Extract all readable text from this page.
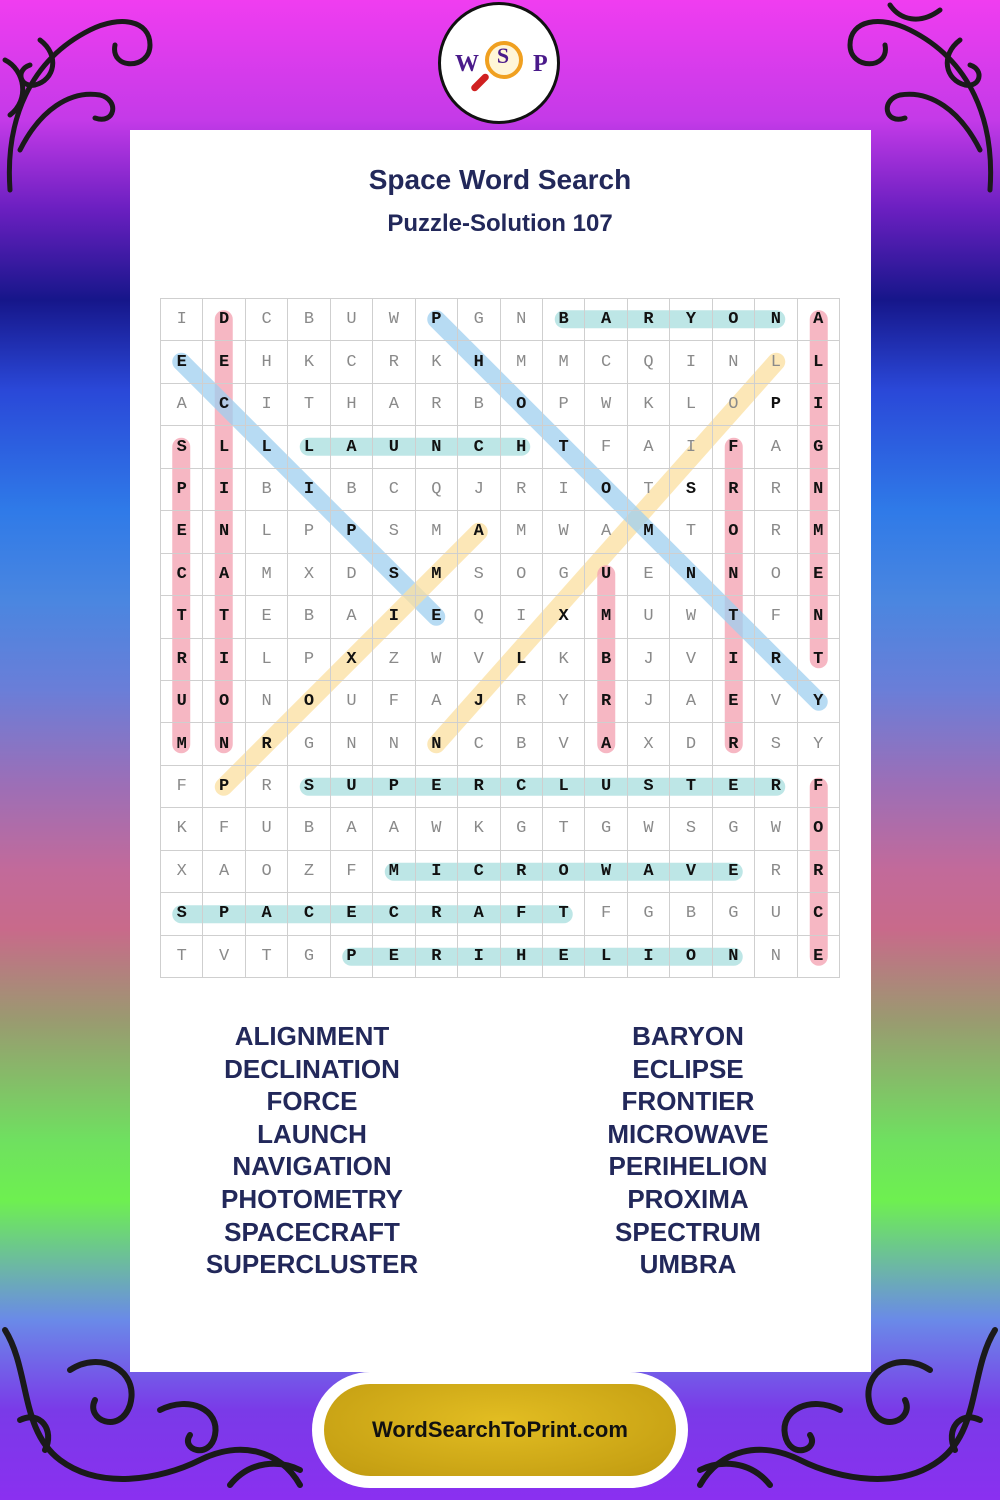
W S P
Space Word Search
Puzzle-Solution 107
I	D	C	B	U	W	P	G	N	B	A	R	Y	O	N	A
E	E	H	K	C	R	K	H	M	M	C	Q	I	N	L	L
A	C	I	T	H	A	R	B	O	P	W	K	L	O	P	I
S	L	L	L	A	U	N	C	H	T	F	A	I	F	A	G
P	I	B	I	B	C	Q	J	R	I	O	T	S	R	R	N
E	N	L	P	P	S	M	A	M	W	A	M	T	O	R	M
C	A	M	X	D	S	M	S	O	G	U	E	N	N	O	E
T	T	E	B	A	I	E	Q	I	X	M	U	W	T	F	N
R	I	L	P	X	Z	W	V	L	K	B	J	V	I	R	T
U	O	N	O	U	F	A	J	R	Y	R	J	A	E	V	Y
M	N	R	G	N	N	N	C	B	V	A	X	D	R	S	Y
F	P	R	S	U	P	E	R	C	L	U	S	T	E	R	F
K	F	U	B	A	A	W	K	G	T	G	W	S	G	W	O
X	A	O	Z	F	M	I	C	R	O	W	A	V	E	R	R
S	P	A	C	E	C	R	A	F	T	F	G	B	G	U	C
T	V	T	G	P	E	R	I	H	E	L	I	O	N	N	E
ALIGNMENT
DECLINATION
FORCE
LAUNCH
NAVIGATION
PHOTOMETRY
SPACECRAFT
SUPERCLUSTER
BARYON
ECLIPSE
FRONTIER
MICROWAVE
PERIHELION
PROXIMA
SPECTRUM
UMBRA
WordSearchToPrint.com
